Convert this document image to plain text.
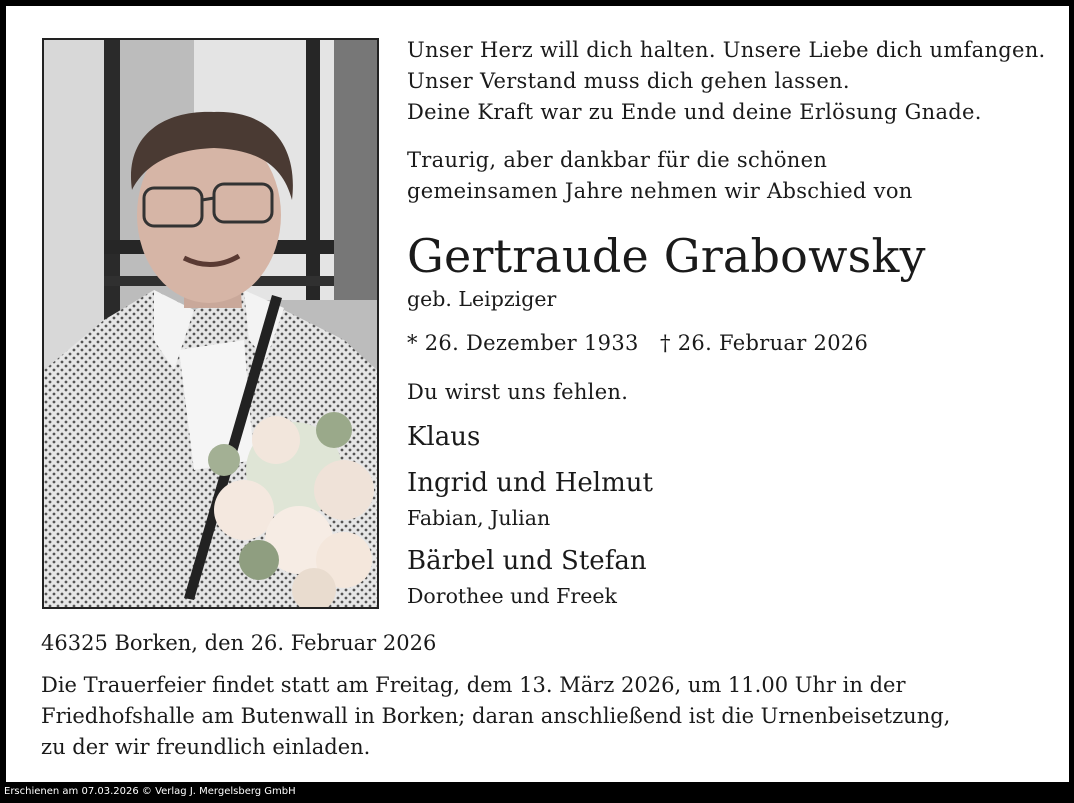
Unser Herz will dich halten. Unsere Liebe dich umfangen.
Unser Verstand muss dich gehen lassen.
Deine Kraft war zu Ende und deine Erlösung Gnade.
Traurig, aber dankbar für die schönen
gemeinsamen Jahre nehmen wir Abschied von
Gertraude Grabowsky
geb. Leipziger
* 26. Dezember 1933 † 26. Februar 2026
Du wirst uns fehlen.
Klaus
Ingrid und Helmut
Fabian, Julian
Bärbel und Stefan
Dorothee und Freek
46325 Borken, den 26. Februar 2026
Die Trauerfeier findet statt am Freitag, dem 13. März 2026, um 11.00 Uhr in der
Friedhofshalle am Butenwall in Borken; daran anschließend ist die Urnenbeisetzung,
zu der wir freundlich einladen.
Erschienen am 07.03.2026 © Verlag J. Mergelsberg GmbH
